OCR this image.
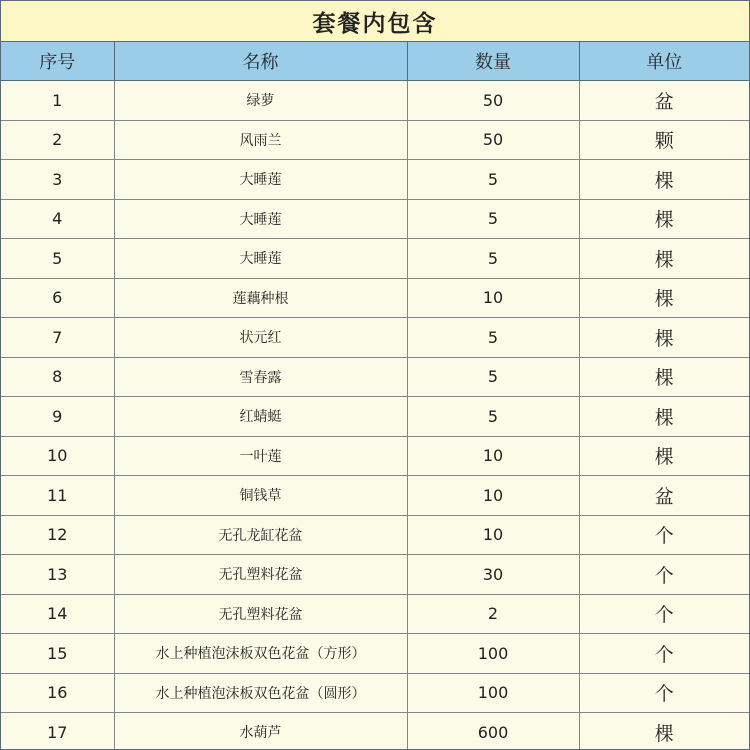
套餐内包含
序号	名称	数量	单位
1	绿萝	50	盆
2	风雨兰	50	颗
3	大睡莲	5	棵
4	大睡莲	5	棵
5	大睡莲	5	棵
6	莲藕种根	10	棵
7	状元红	5	棵
8	雪春露	5	棵
9	红蜻蜓	5	棵
10	一叶莲	10	棵
11	铜钱草	10	盆
12	无孔龙缸花盆	10	个
13	无孔塑料花盆	30	个
14	无孔塑料花盆	2	个
15	水上种植泡沫板双色花盆（方形）	100	个
16	水上种植泡沫板双色花盆（圆形）	100	个
17	水葫芦	600	棵
